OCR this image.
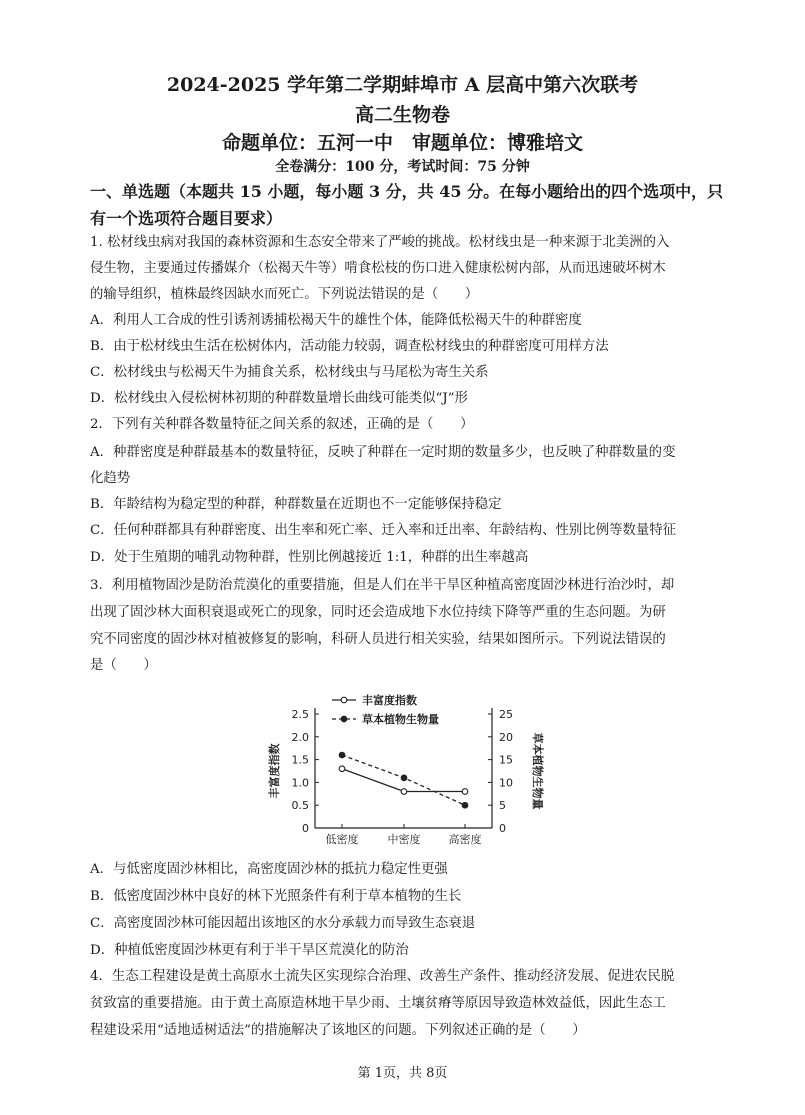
2024-2025 学年第二学期蚌埠市 A 层高中第六次联考
高二生物卷
命题单位：五河一中　审题单位：博雅培文
全卷满分：100 分，考试时间：75 分钟
一、单选题（本题共 15 小题，每小题 3 分，共 45 分。在每小题给出的四个选项中，只
有一个选项符合题目要求）
1. 松材线虫病对我国的森林资源和生态安全带来了严峻的挑战。松材线虫是一种来源于北美洲的入
侵生物，主要通过传播媒介（松褐天牛等）啃食松枝的伤口进入健康松树内部，从而迅速破坏树木
的输导组织，植株最终因缺水而死亡。下列说法错误的是（　　）
A．利用人工合成的性引诱剂诱捕松褐天牛的雄性个体，能降低松褐天牛的种群密度
B．由于松材线虫生活在松树体内，活动能力较弱，调查松材线虫的种群密度可用样方法
C．松材线虫与松褐天牛为捕食关系，松材线虫与马尾松为寄生关系
D．松材线虫入侵松树林初期的种群数量增长曲线可能类似“J”形
2．下列有关种群各数量特征之间关系的叙述，正确的是（　　）
A．种群密度是种群最基本的数量特征，反映了种群在一定时期的数量多少，也反映了种群数量的变
化趋势
B．年龄结构为稳定型的种群，种群数量在近期也不一定能够保持稳定
C．任何种群都具有种群密度、出生率和死亡率、迁入率和迁出率、年龄结构、性别比例等数量特征
D．处于生殖期的哺乳动物种群，性别比例越接近 1:1，种群的出生率越高
3．利用植物固沙是防治荒漠化的重要措施，但是人们在半干旱区种植高密度固沙林进行治沙时，却
出现了固沙林大面积衰退或死亡的现象，同时还会造成地下水位持续下降等严重的生态问题。为研
究不同密度的固沙林对植被修复的影响，科研人员进行相关实验，结果如图所示。下列说法错误的
是（　　）
0
0.5
1.0
1.5
2.0
2.5
0
5
10
15
20
25
低密度	中密度	高密度
丰富度指数	草本植物生物量
丰富度指数
草本植物生物量
A．与低密度固沙林相比，高密度固沙林的抵抗力稳定性更强
B．低密度固沙林中良好的林下光照条件有利于草本植物的生长
C．高密度固沙林可能因超出该地区的水分承载力而导致生态衰退
D．种植低密度固沙林更有利于半干旱区荒漠化的防治
4．生态工程建设是黄土高原水土流失区实现综合治理、改善生产条件、推动经济发展、促进农民脱
贫致富的重要措施。由于黄土高原造林地干旱少雨、土壤贫瘠等原因导致造林效益低，因此生态工
程建设采用“适地适树适法”的措施解决了该地区的问题。下列叙述正确的是（　　）
第 1页，共 8页
